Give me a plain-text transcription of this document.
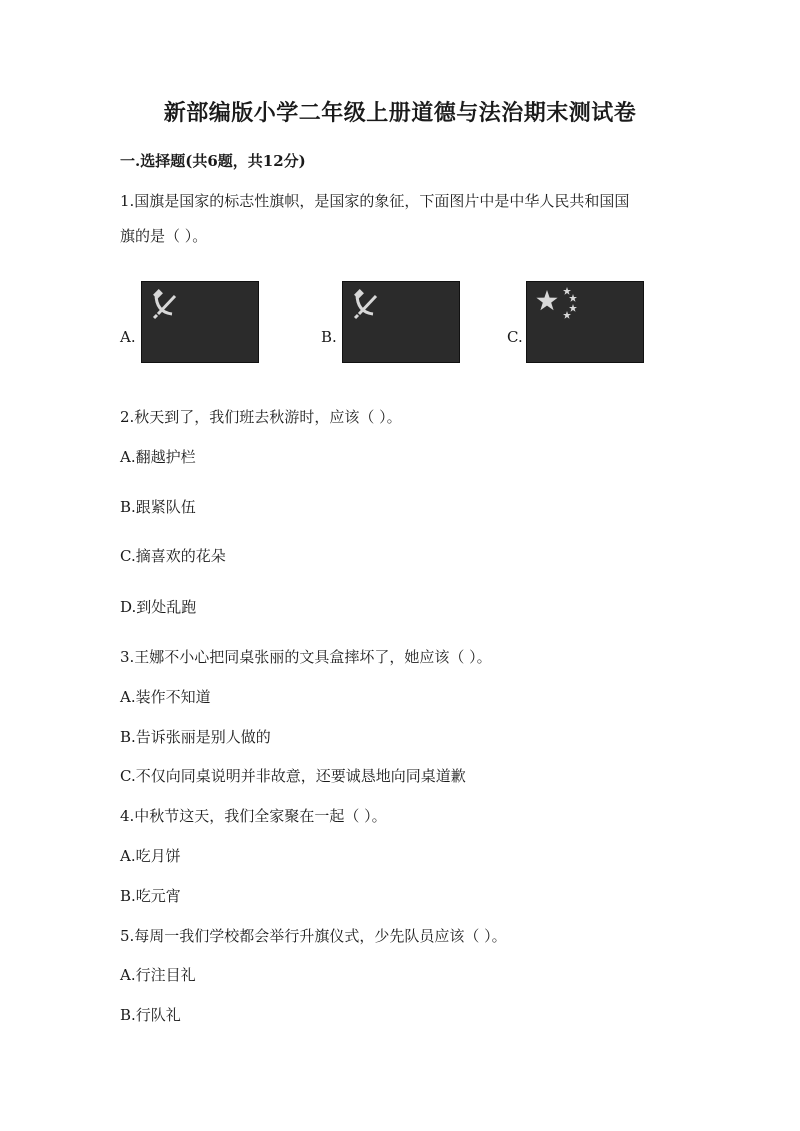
新部编版小学二年级上册道德与法治期末测试卷
一.选择题(共6题，共12分)
1.国旗是国家的标志性旗帜，是国家的象征，下面图片中是中华人民共和国国
旗的是（ ）。
A.	B.	C.
2.秋天到了，我们班去秋游时，应该（ ）。
A.翻越护栏
B.跟紧队伍
C.摘喜欢的花朵
D.到处乱跑
3.王娜不小心把同桌张丽的文具盒摔坏了，她应该（ ）。
A.装作不知道
B.告诉张丽是别人做的
C.不仅向同桌说明并非故意，还要诚恳地向同桌道歉
4.中秋节这天，我们全家聚在一起（ ）。
A.吃月饼
B.吃元宵
5.每周一我们学校都会举行升旗仪式，少先队员应该（ ）。
A.行注目礼
B.行队礼
